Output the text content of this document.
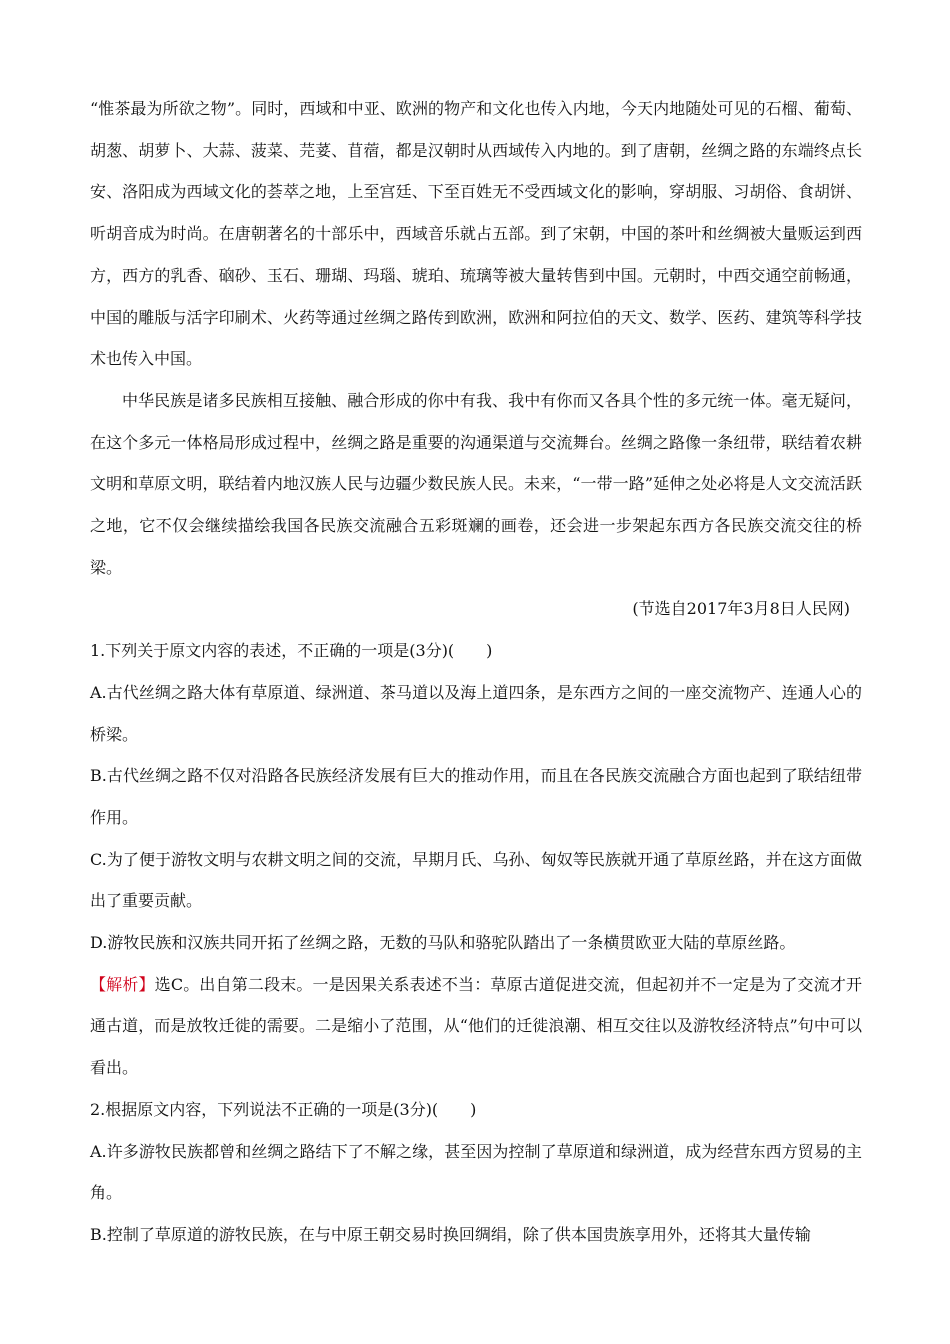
“惟茶最为所欲之物”。同时，西域和中亚、欧洲的物产和文化也传入内地，今天内地随处可见的石榴、葡萄、胡葱、胡萝卜、大蒜、菠菜、芫荽、苜蓿，都是汉朝时从西域传入内地的。到了唐朝，丝绸之路的东端终点长安、洛阳成为西域文化的荟萃之地，上至宫廷、下至百姓无不受西域文化的影响，穿胡服、习胡俗、食胡饼、听胡音成为时尚。在唐朝著名的十部乐中，西域音乐就占五部。到了宋朝，中国的茶叶和丝绸被大量贩运到西方，西方的乳香、硇砂、玉石、珊瑚、玛瑙、琥珀、琉璃等被大量转售到中国。元朝时，中西交通空前畅通，中国的雕版与活字印刷术、火药等通过丝绸之路传到欧洲，欧洲和阿拉伯的天文、数学、医药、建筑等科学技术也传入中国。

中华民族是诸多民族相互接触、融合形成的你中有我、我中有你而又各具个性的多元统一体。毫无疑问，在这个多元一体格局形成过程中，丝绸之路是重要的沟通渠道与交流舞台。丝绸之路像一条纽带，联结着农耕文明和草原文明，联结着内地汉族人民与边疆少数民族人民。未来，“一带一路”延伸之处必将是人文交流活跃之地，它不仅会继续描绘我国各民族交流融合五彩斑斓的画卷，还会进一步架起东西方各民族交流交往的桥梁。

(节选自2017年3月8日人民网)

1.下列关于原文内容的表述，不正确的一项是(3分)(　　)

A.古代丝绸之路大体有草原道、绿洲道、茶马道以及海上道四条，是东西方之间的一座交流物产、连通人心的桥梁。

B.古代丝绸之路不仅对沿路各民族经济发展有巨大的推动作用，而且在各民族交流融合方面也起到了联结纽带作用。

C.为了便于游牧文明与农耕文明之间的交流，早期月氏、乌孙、匈奴等民族就开通了草原丝路，并在这方面做出了重要贡献。

D.游牧民族和汉族共同开拓了丝绸之路，无数的马队和骆驼队踏出了一条横贯欧亚大陆的草原丝路。

【解析】选C。出自第二段末。一是因果关系表述不当：草原古道促进交流，但起初并不一定是为了交流才开通古道，而是放牧迁徙的需要。二是缩小了范围，从“他们的迁徙浪潮、相互交往以及游牧经济特点”句中可以看出。

2.根据原文内容，下列说法不正确的一项是(3分)(　　)

A.许多游牧民族都曾和丝绸之路结下了不解之缘，甚至因为控制了草原道和绿洲道，成为经营东西方贸易的主角。

B.控制了草原道的游牧民族，在与中原王朝交易时换回绸绢，除了供本国贵族享用外，还将其大量传输
